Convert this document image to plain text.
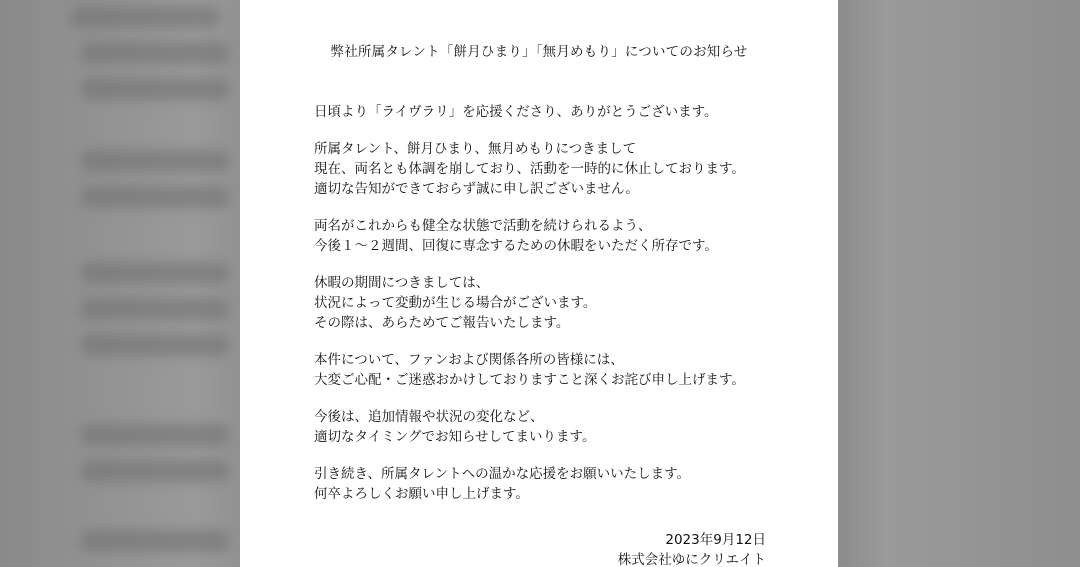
弊社所属タレント「餅月ひまり」「無月めもり」についてのお知らせ
日頃より「ライヴラリ」を応援くださり、ありがとうございます。
所属タレント、餅月ひまり、無月めもりにつきまして
現在、両名とも体調を崩しており、活動を一時的に休止しております。
適切な告知ができておらず誠に申し訳ございません。
両名がこれからも健全な状態で活動を続けられるよう、
今後１～２週間、回復に専念するための休暇をいただく所存です。
休暇の期間につきましては、
状況によって変動が生じる場合がございます。
その際は、あらためてご報告いたします。
本件について、ファンおよび関係各所の皆様には、
大変ご心配・ご迷惑おかけしておりますこと深くお詫び申し上げます。
今後は、追加情報や状況の変化など、
適切なタイミングでお知らせしてまいります。
引き続き、所属タレントへの温かな応援をお願いいたします。
何卒よろしくお願い申し上げます。
2023年9月12日
株式会社ゆにクリエイト
